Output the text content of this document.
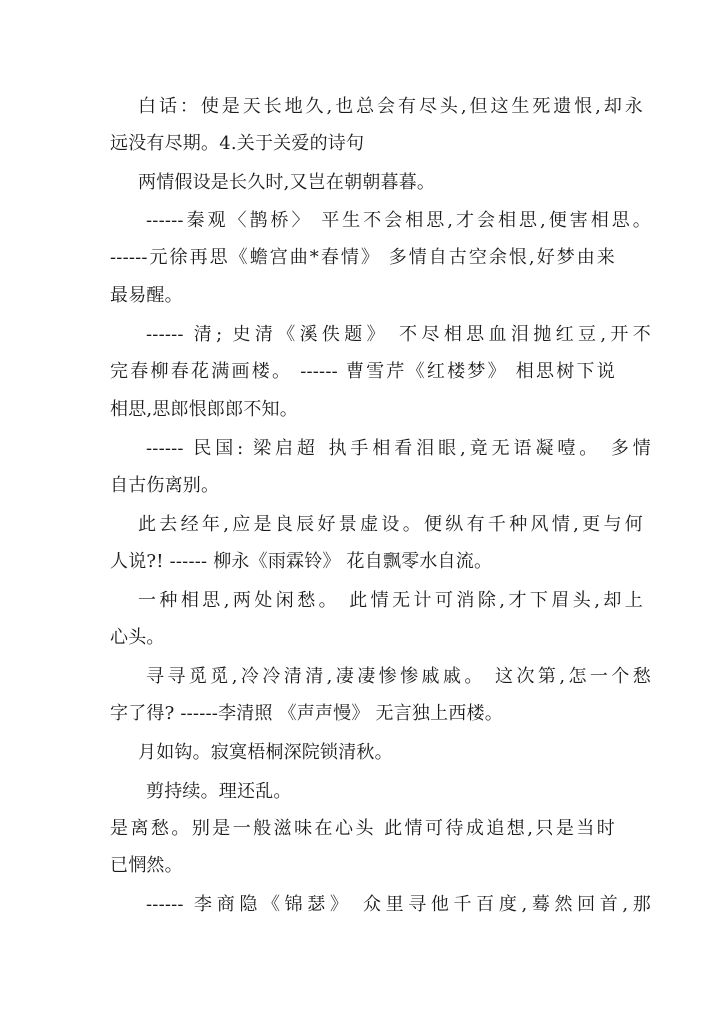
白话：使是天长地久,也总会有尽头,但这生死遗恨,却永
远没有尽期。4.关于关爱的诗句
两情假设是长久时,又岂在朝朝暮暮。
------秦观〈鹊桥〉 平生不会相思,才会相思,便害相思。
------元徐再思《蟾宫曲*春情》 多情自古空余恨,好梦由来
最易醒。
------ 清; 史清《溪佚题》 不尽相思血泪抛红豆,开不
完春柳春花满画楼。 ------ 曹雪芹《红楼梦》 相思树下说
相思,思郎恨郎郎不知。
------ 民国: 梁启超 执手相看泪眼,竟无语凝噎。 多情
自古伤离别。
此去经年,应是良辰好景虚设。便纵有千种风情,更与何
人说?! ------ 柳永《雨霖铃》 花自飘零水自流。
一种相思,两处闲愁。 此情无计可消除,才下眉头,却上
心头。
寻寻觅觅,冷冷清清,凄凄惨惨戚戚。 这次第,怎一个愁
字了得? ------李清照 《声声慢》 无言独上西楼。
月如钩。寂寞梧桐深院锁清秋。
剪持续。理还乱。
是离愁。别是一般滋味在心头 此情可待成追想,只是当时
已惘然。
------ 李商隐《锦瑟》 众里寻他千百度,蓦然回首,那
